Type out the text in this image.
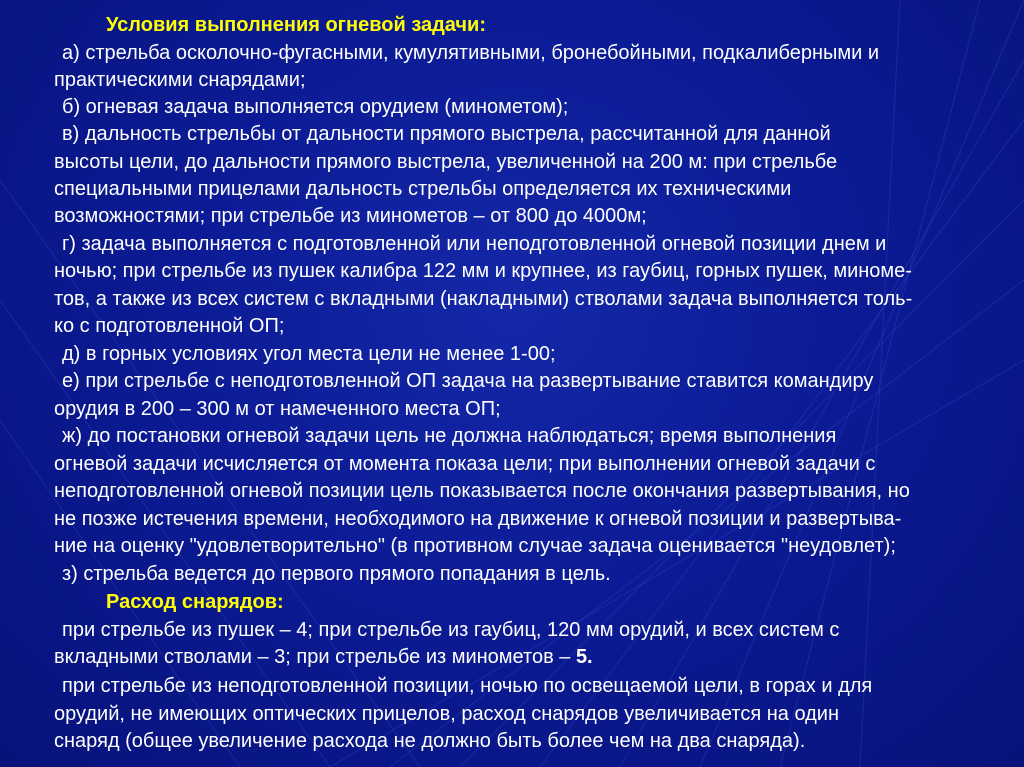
Условия выполнения огневой задачи:
а) стрельба осколочно-фугасными, кумулятивными, бронебойными, подкалиберными и
практическими снарядами;
б) огневая задача выполняется орудием (минометом);
в) дальность стрельбы от дальности прямого выстрела, рассчитанной для данной
высоты цели, до дальности прямого выстрела, увеличенной на 200 м: при стрельбе
специальными прицелами дальность стрельбы определяется их техническими
возможностями; при стрельбе из минометов – от 800 до 4000м;
г) задача выполняется с подготовленной или неподготовленной огневой позиции днем и
ночью; при стрельбе из пушек калибра 122 мм и крупнее, из гаубиц, горных пушек, миноме-
тов, а также из всех систем с вкладными (накладными) стволами задача выполняется толь-
ко с подготовленной ОП;
д) в горных условиях угол места цели не менее 1-00;
е) при стрельбе с неподготовленной ОП задача на развертывание ставится командиру
орудия в 200 – 300 м от намеченного места ОП;
ж) до постановки огневой задачи цель не должна наблюдаться; время выполнения
огневой задачи исчисляется от момента показа цели; при выполнении огневой задачи с
неподготовленной огневой позиции цель показывается после окончания развертывания, но
не позже истечения времени, необходимого на движение к огневой позиции и развертыва-
ние на оценку "удовлетворительно" (в противном случае задача оценивается "неудовлет);
з) стрельба ведется до первого прямого попадания в цель.
Расход снарядов:
при стрельбе из пушек – 4; при стрельбе из гаубиц, 120 мм орудий, и всех систем с
вкладными стволами – 3; при стрельбе из минометов – 5.
при стрельбе из неподготовленной позиции, ночью по освещаемой цели, в горах и для
орудий, не имеющих оптических прицелов, расход снарядов увеличивается на один
снаряд (общее увеличение расхода не должно быть более чем на два снаряда).
